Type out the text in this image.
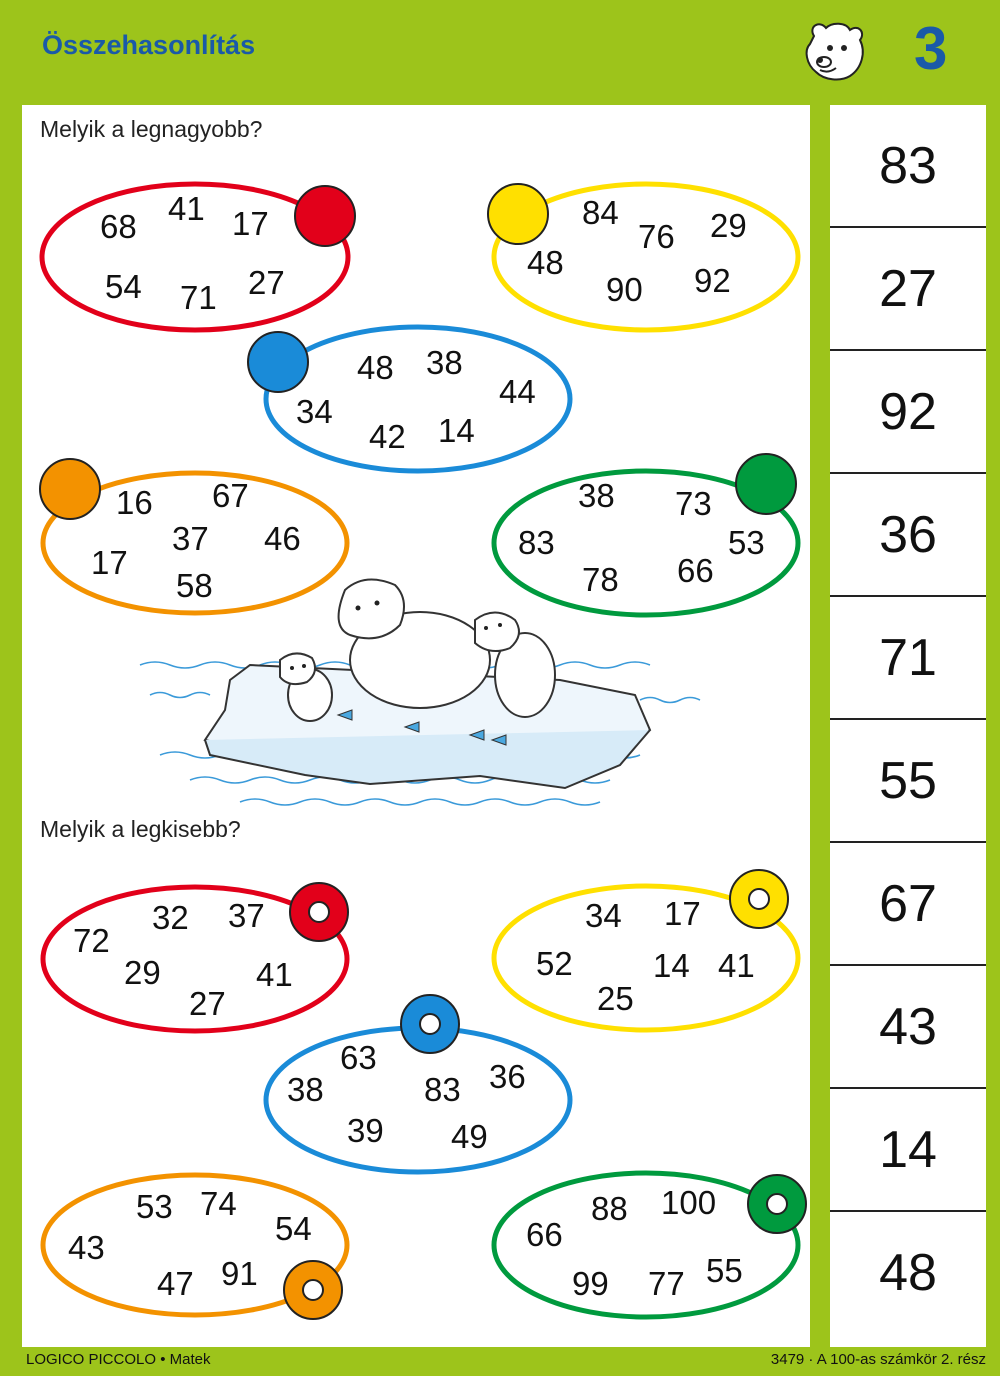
Összehasonlítás	3
Melyik a legnagyobb?
Melyik a legkisebb?
68 41 17
54 71 27
84
76 29
48
90 92
48 38
34
44
42 14
16 67
37 46
17
58
38 73
83	53
78 66
72
32 37
29	41
27
34 17
52 14 41
25
63
38	83 36
39 49
53 74
43
54
47 91
88 100
66
99 77 55
83
27
92
36
71
55
67
43
14
48
LOGICO PICCOLO • Matek	3479 · A 100-as számkör 2. rész
